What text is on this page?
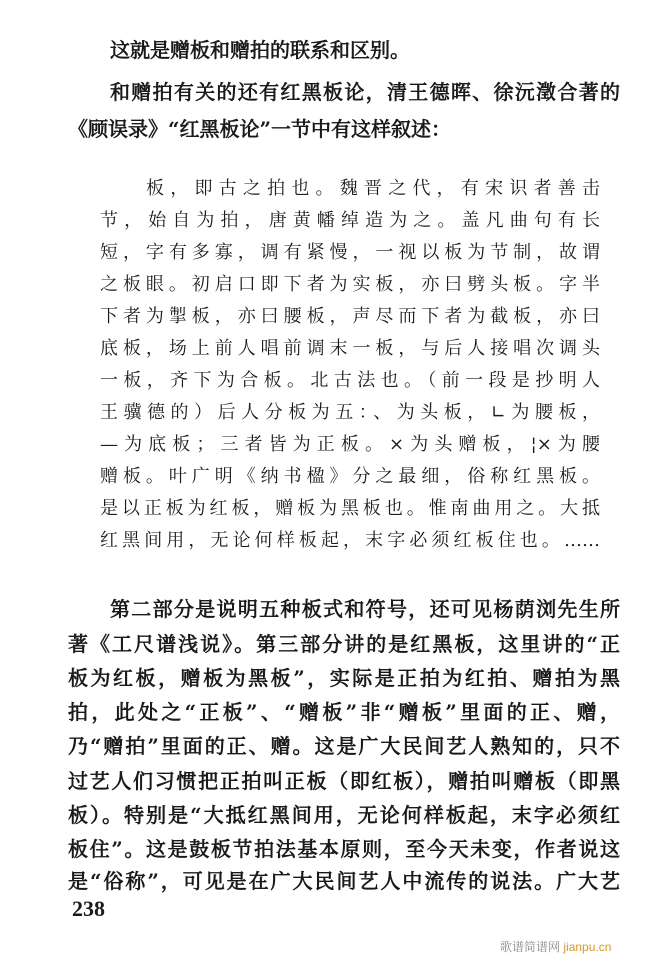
这就是赠板和赠拍的联系和区别。
和赠拍有关的还有红黑板论，清王德晖、徐沅澂合著的
《顾误录》“红黑板论”一节中有这样叙述：
板，即古之拍也。魏晋之代，有宋识者善击
节，始自为拍，唐黄幡绰造为之。盖凡曲句有长
短，字有多寡，调有紧慢，一视以板为节制，故谓
之板眼。初启口即下者为实板，亦曰劈头板。字半
下者为掣板，亦曰腰板，声尽而下者为截板，亦曰
底板，场上前人唱前调末一板，与后人接唱次调头
一板，齐下为合板。北古法也。（前一段是抄明人
王骥德的）后人分板为五：、为头板，∟为腰板，
—为底板；三者皆为正板。×为头赠板，¦×为腰
赠板。叶广明《纳书楹》分之最细，俗称红黑板。
是以正板为红板，赠板为黑板也。惟南曲用之。大抵
红黑间用，无论何样板起，末字必须红板住也。……
第二部分是说明五种板式和符号，还可见杨荫浏先生所
著《工尺谱浅说》。第三部分讲的是红黑板，这里讲的“正
板为红板，赠板为黑板”，实际是正拍为红拍、赠拍为黑
拍，此处之“正板”、“赠板”非“赠板”里面的正、赠，
乃“赠拍”里面的正、赠。这是广大民间艺人熟知的，只不
过艺人们习惯把正拍叫正板（即红板），赠拍叫赠板（即黑
板）。特别是“大抵红黑间用，无论何样板起，末字必须红
板住”。这是鼓板节拍法基本原则，至今天未变，作者说这
是“俗称”，可见是在广大民间艺人中流传的说法。广大艺
238
歌谱简谱网 jianpu.cn
